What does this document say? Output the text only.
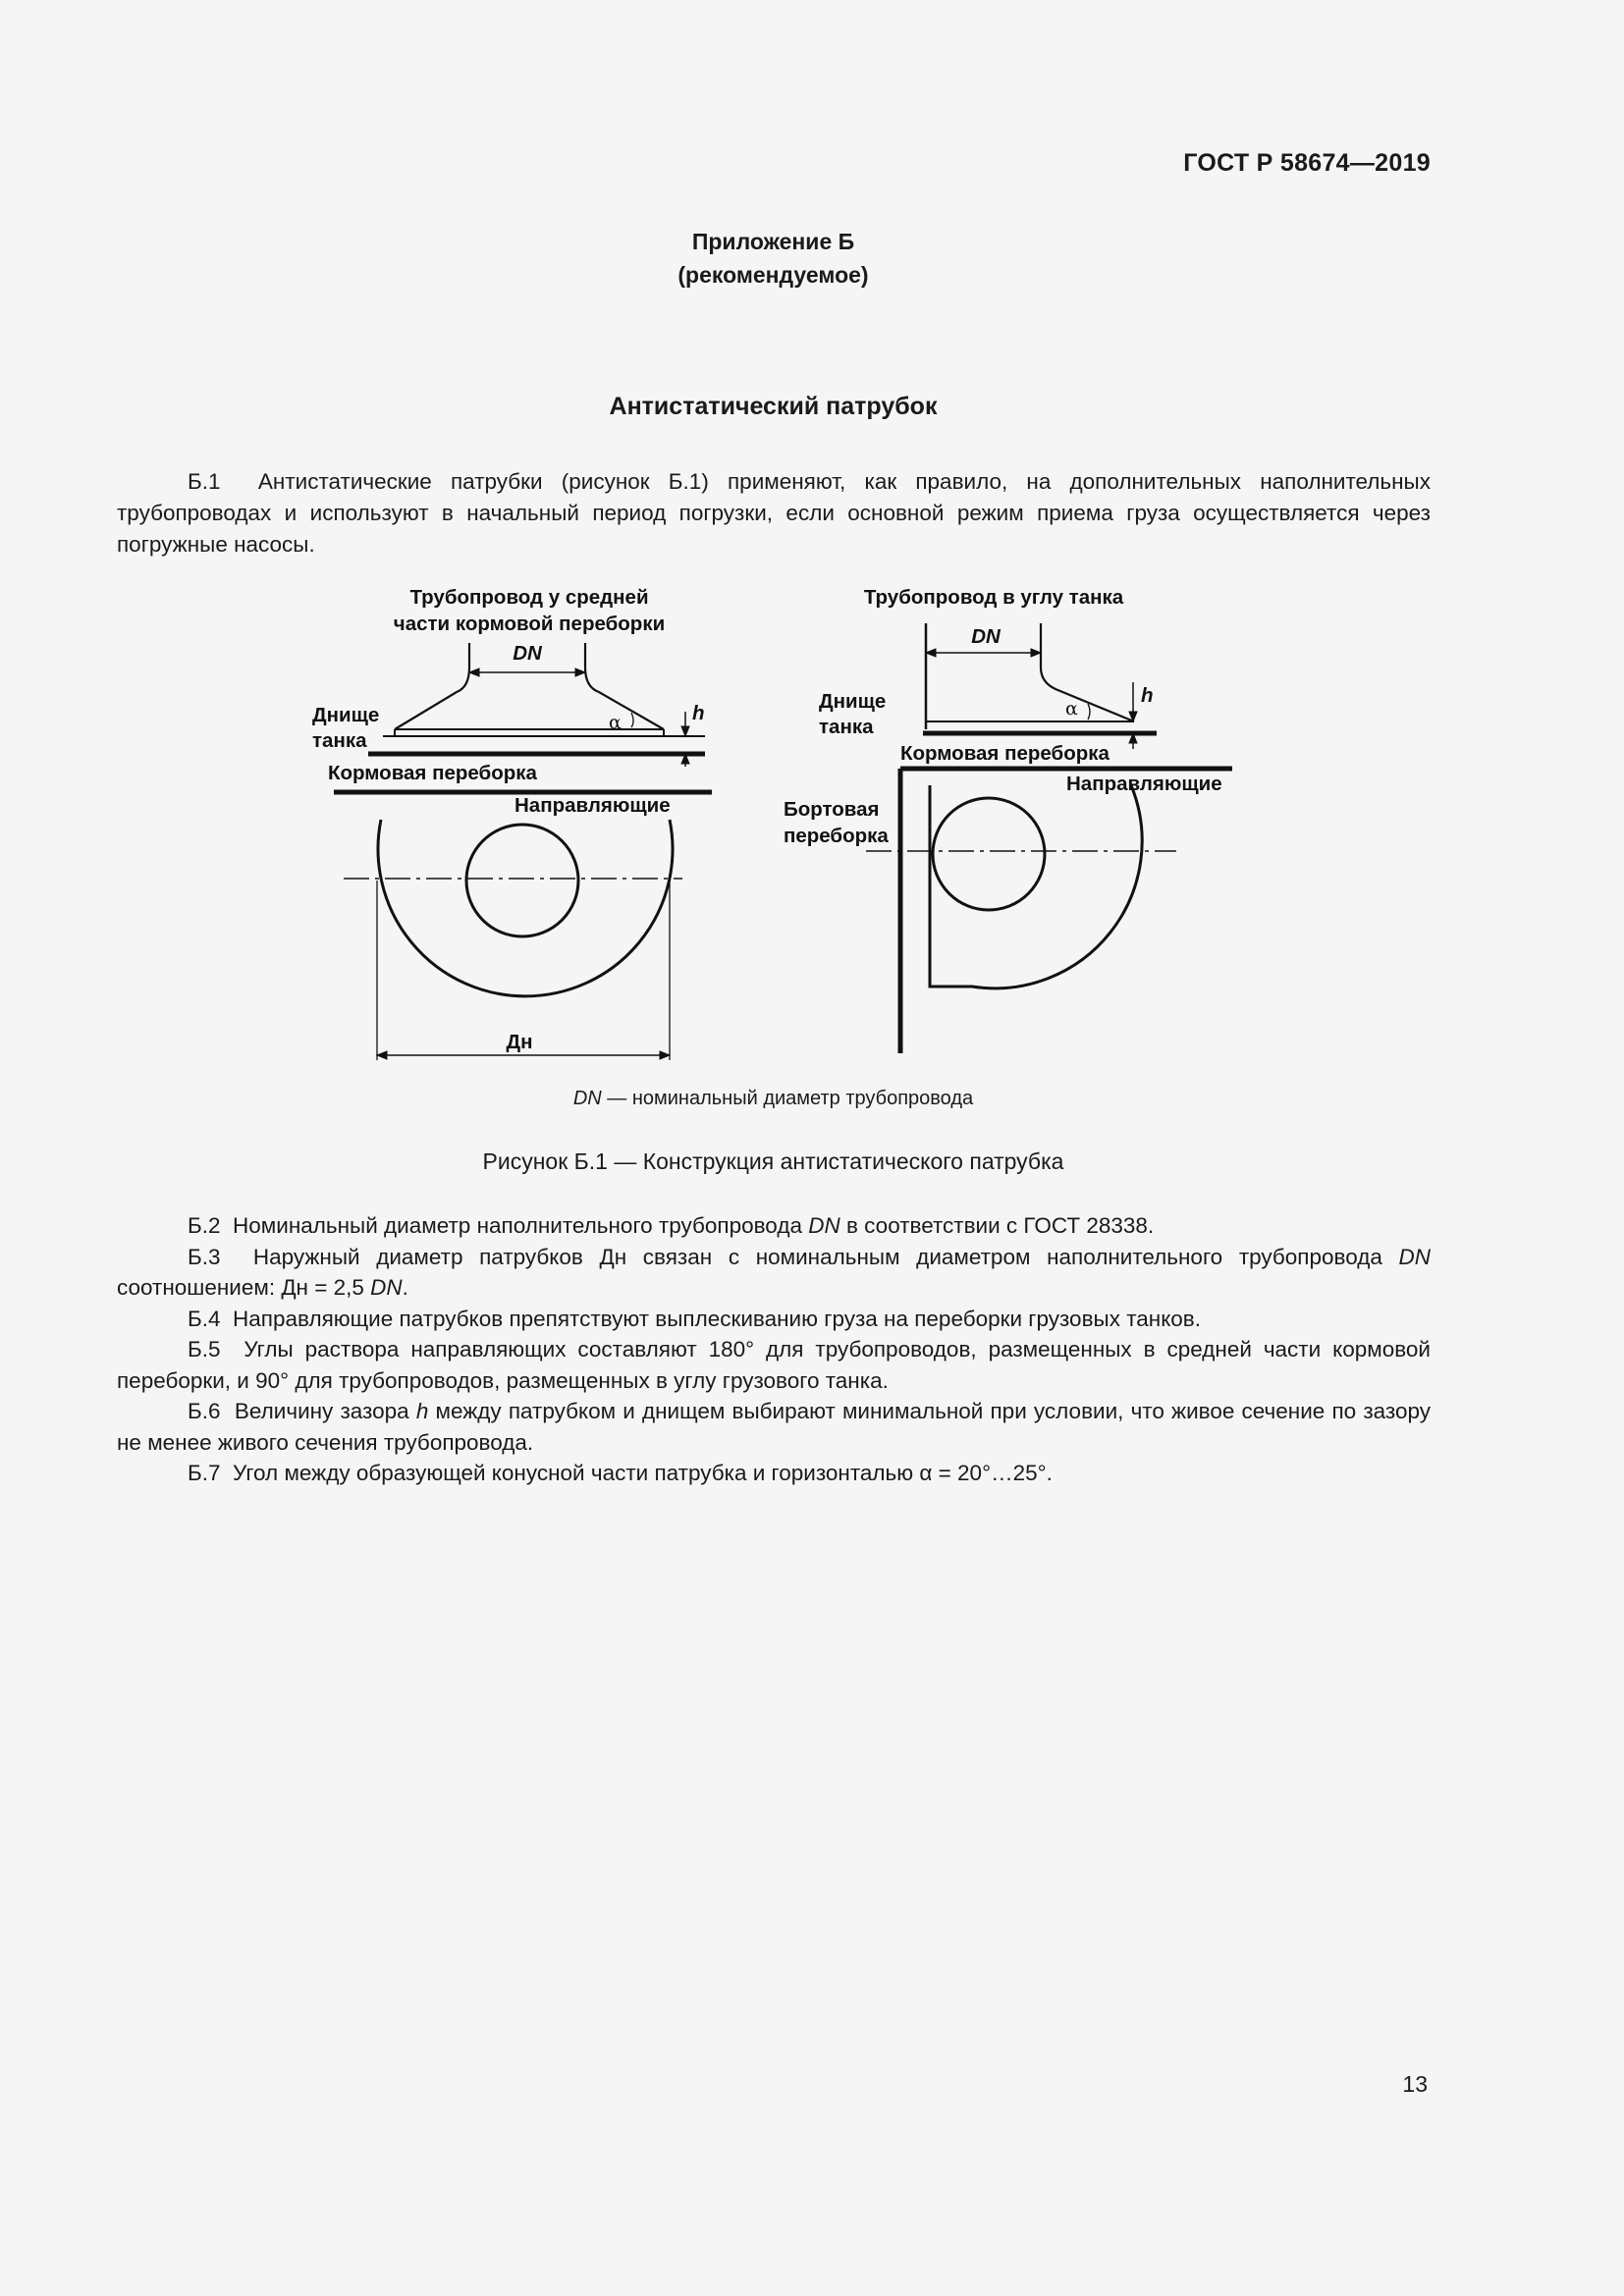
ГОСТ Р 58674—2019
Приложение Б
(рекомендуемое)
Антистатический патрубок
Б.1 Антистатические патрубки (рисунок Б.1) применяют, как правило, на дополнительных наполнительных трубопроводах и используют в начальный период погрузки, если основной режим приема груза осуществляется через погружные насосы.
Трубопровод у средней
части кормовой переборки
DN
h
α
Днище
танка
Кормовая переборка
Направляющие
Дн
Трубопровод в углу танка
DN
h
α
Днище
танка
Кормовая переборка
Направляющие
Бортовая
переборка
DN — номинальный диаметр трубопровода
Рисунок Б.1 — Конструкция антистатического патрубка

Б.2 Номинальный диаметр наполнительного трубопровода DN в соответствии с ГОСТ 28338.

Б.3 Наружный диаметр патрубков Дн связан с номинальным диаметром наполнительного трубопровода DN соотношением: Дн = 2,5 DN.

Б.4 Направляющие патрубков препятствуют выплескиванию груза на переборки грузовых танков.

Б.5 Углы раствора направляющих составляют 180° для трубопроводов, размещенных в средней части кормовой переборки, и 90° для трубопроводов, размещенных в углу грузового танка.

Б.6 Величину зазора h между патрубком и днищем выбирают минимальной при условии, что живое сечение по зазору не менее живого сечения трубопровода.

Б.7 Угол между образующей конусной части патрубка и горизонталью α = 20°…25°.

13
